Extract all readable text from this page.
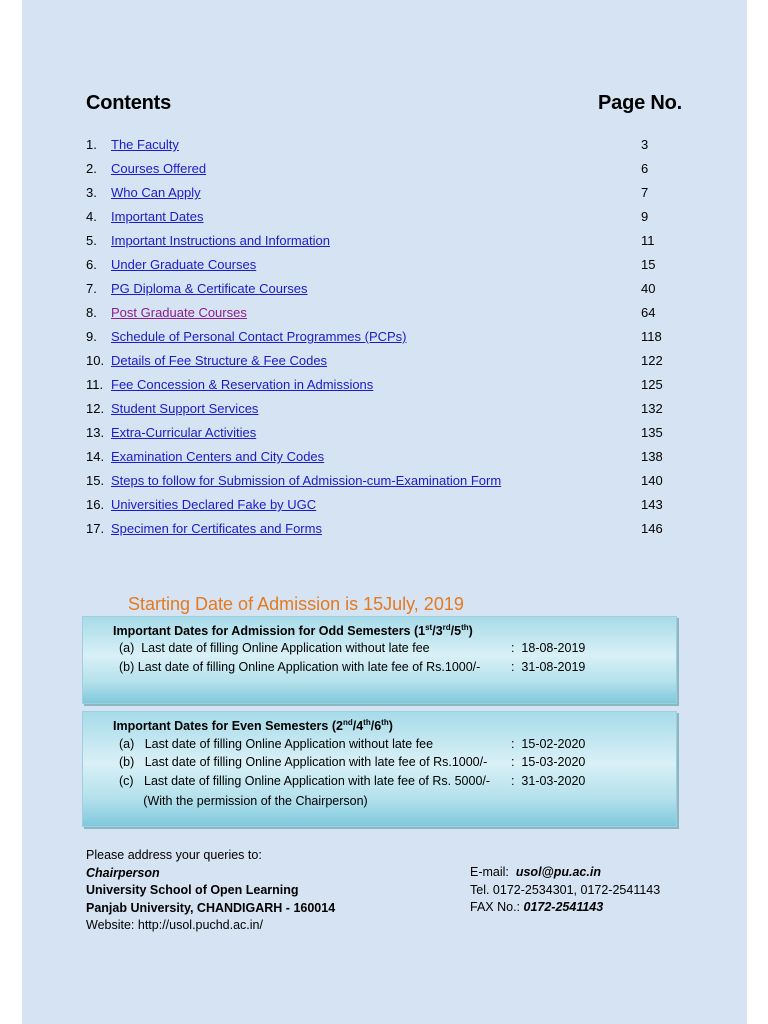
Contents	Page No.
1. The Faculty	3
2. Courses Offered	6
3. Who Can Apply	7
4. Important Dates	9
5. Important Instructions and Information	11
6. Under Graduate Courses	15
7. PG Diploma & Certificate Courses	40
8. Post Graduate Courses	64
9. Schedule of Personal Contact Programmes (PCPs)	118
10. Details of Fee Structure & Fee Codes	122
11. Fee Concession & Reservation in Admissions	125
12. Student Support Services	132
13. Extra-Curricular Activities	135
14. Examination Centers and City Codes	138
15. Steps to follow for Submission of Admission-cum-Examination Form	140
16. Universities Declared Fake by UGC	143
17. Specimen for Certificates and Forms	146
Starting Date of Admission is 15July, 2019
Important Dates for Admission for Odd Semesters (1st/3rd/5th)
(a)  Last date of filling Online Application without late fee	:  18-08-2019
(b) Last date of filling Online Application with late fee of Rs.1000/- :  31-08-2019
Important Dates for Even Semesters (2nd/4th/6th)
(a)   Last date of filling Online Application without late fee	:  15-02-2020
(b)   Last date of filling Online Application with late fee of Rs.1000/- :  15-03-2020
(c)   Last date of filling Online Application with late fee of Rs. 5000/- :  31-03-2020
(With the permission of the Chairperson)
Please address your queries to:
Chairperson
University School of Open Learning
Panjab University, CHANDIGARH - 160014
Website: http://usol.puchd.ac.in/
E-mail:  usol@pu.ac.in
Tel. 0172-2534301, 0172-2541143
FAX No.: 0172-2541143
